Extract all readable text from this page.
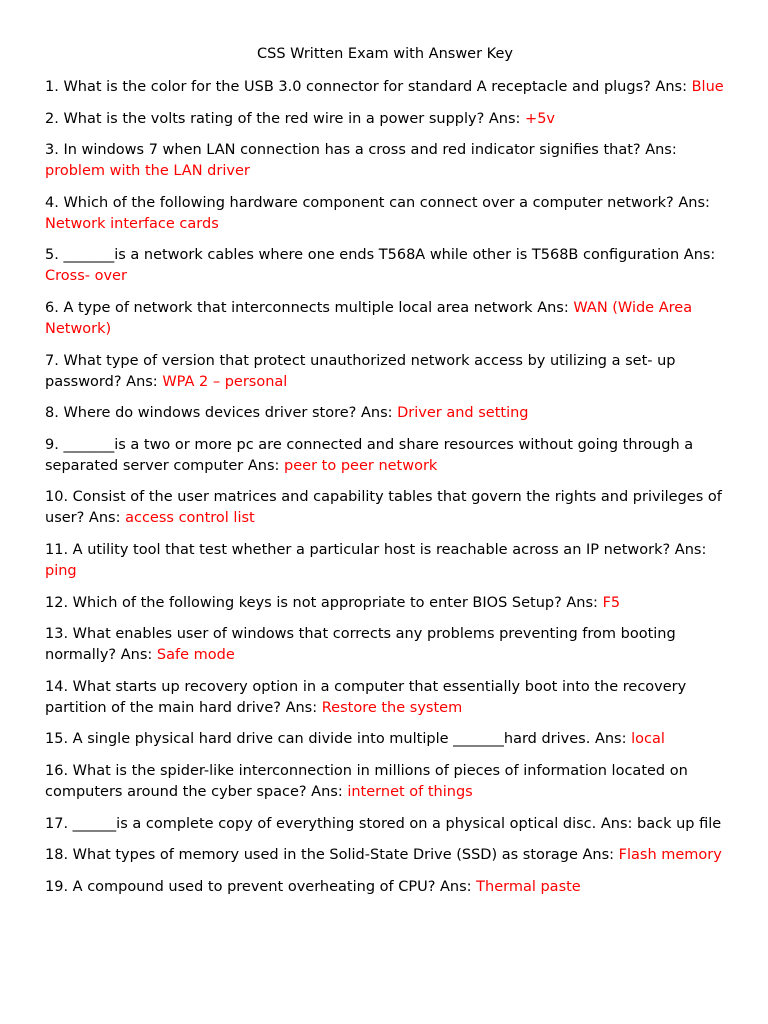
CSS Written Exam with Answer Key
1. What is the color for the USB 3.0 connector for standard A receptacle and plugs? Ans: Blue
2. What is the volts rating of the red wire in a power supply? Ans: +5v
3. In windows 7 when LAN connection has a cross and red indicator signifies that? Ans: problem with the LAN driver
4. Which of the following hardware component can connect over a computer network? Ans: Network interface cards
5. _______is a network cables where one ends T568A while other is T568B configuration Ans: Cross- over
6. A type of network that interconnects multiple local area network Ans: WAN (Wide Area Network)
7. What type of version that protect unauthorized network access by utilizing a set- up password? Ans: WPA 2 – personal
8. Where do windows devices driver store? Ans: Driver and setting
9. _______is a two or more pc are connected and share resources without going through a separated server computer Ans: peer to peer network
10. Consist of the user matrices and capability tables that govern the rights and privileges of user? Ans: access control list
11. A utility tool that test whether a particular host is reachable across an IP network? Ans: ping
12. Which of the following keys is not appropriate to enter BIOS Setup? Ans: F5
13. What enables user of windows that corrects any problems preventing from booting normally? Ans: Safe mode
14. What starts up recovery option in a computer that essentially boot into the recovery partition of the main hard drive? Ans: Restore the system
15. A single physical hard drive can divide into multiple _______hard drives. Ans: local
16. What is the spider-like interconnection in millions of pieces of information located on computers around the cyber space? Ans: internet of things
17. ______is a complete copy of everything stored on a physical optical disc. Ans: back up file
18. What types of memory used in the Solid-State Drive (SSD) as storage Ans: Flash memory
19. A compound used to prevent overheating of CPU? Ans: Thermal paste
